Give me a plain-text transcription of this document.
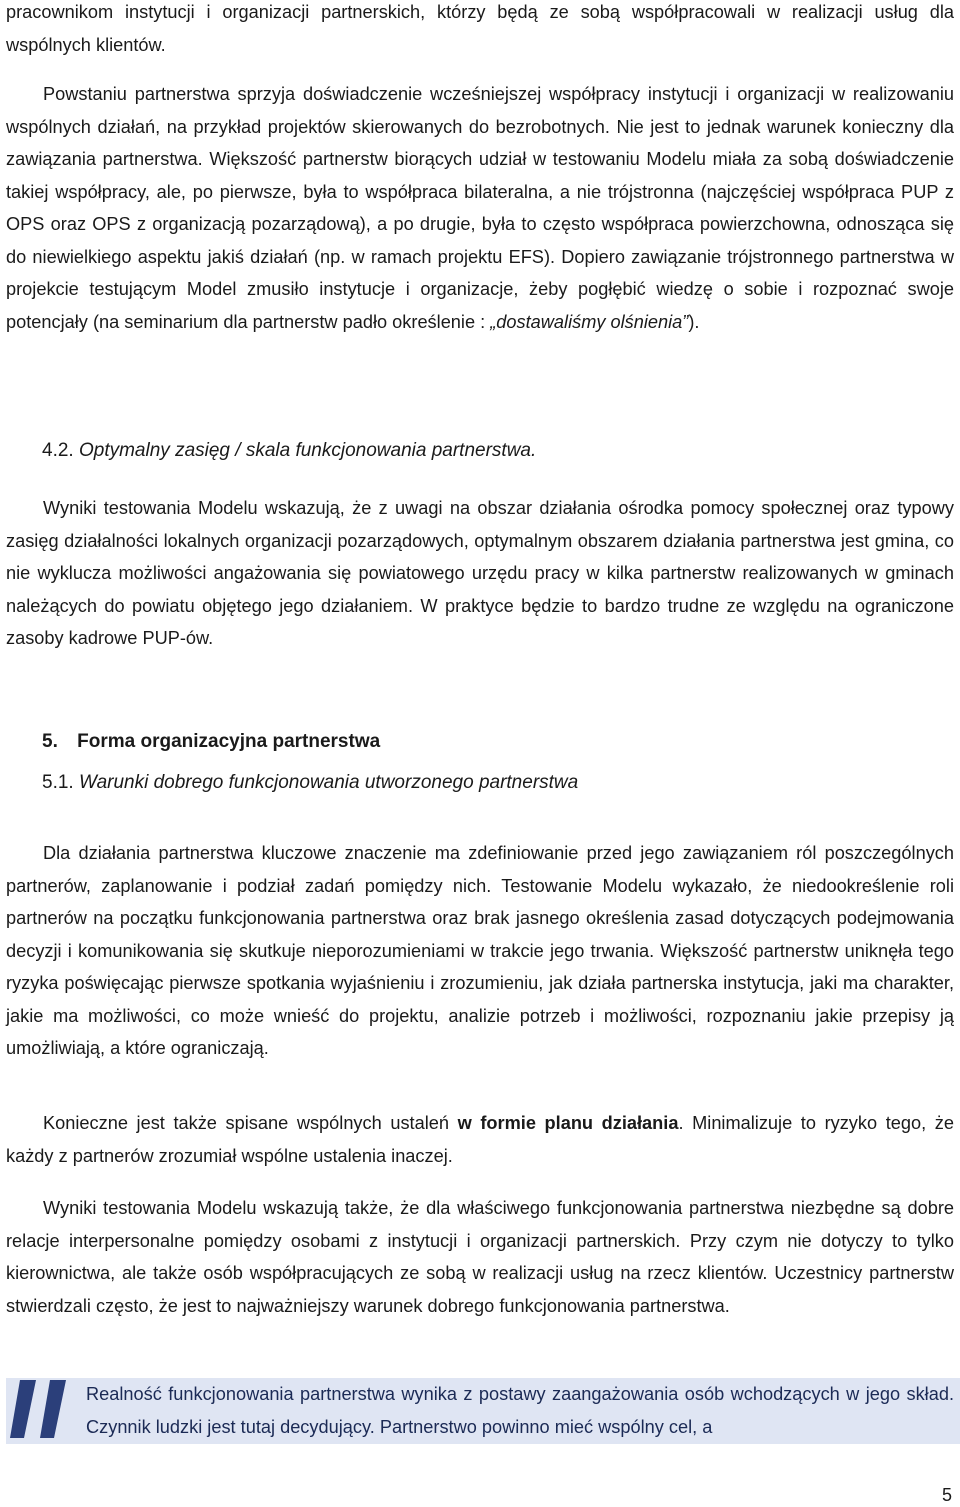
pracownikom instytucji i organizacji partnerskich, którzy będą ze sobą współpracowali w realizacji usług dla wspólnych klientów.

Powstaniu partnerstwa sprzyja doświadczenie wcześniejszej współpracy instytucji i organizacji w realizowaniu wspólnych działań, na przykład projektów skierowanych do bezrobotnych. Nie jest to jednak warunek konieczny dla zawiązania partnerstwa. Większość partnerstw biorących udział w testowaniu Modelu miała za sobą doświadczenie takiej współpracy, ale, po pierwsze, była to współpraca bilateralna, a nie trójstronna (najczęściej współpraca PUP z OPS oraz OPS z organizacją pozarządową), a po drugie, była to często współpraca powierzchowna, odnosząca się do niewielkiego aspektu jakiś działań (np. w ramach projektu EFS). Dopiero zawiązanie trójstronnego partnerstwa w projekcie testującym Model zmusiło instytucje i organizacje, żeby pogłębić wiedzę o sobie i rozpoznać swoje potencjały (na seminarium dla partnerstw padło określenie : „dostawaliśmy olśnienia”).

4.2. Optymalny zasięg / skala funkcjonowania partnerstwa.

Wyniki testowania Modelu wskazują, że z uwagi na obszar działania ośrodka pomocy społecznej oraz typowy zasięg działalności lokalnych organizacji pozarządowych, optymalnym obszarem działania partnerstwa jest gmina, co nie wyklucza możliwości angażowania się powiatowego urzędu pracy w kilka partnerstw realizowanych w gminach należących do powiatu objętego jego działaniem. W praktyce będzie to bardzo trudne ze względu na ograniczone zasoby kadrowe PUP-ów.

5. Forma organizacyjna partnerstwa
5.1. Warunki dobrego funkcjonowania utworzonego partnerstwa

Dla działania partnerstwa kluczowe znaczenie ma zdefiniowanie przed jego zawiązaniem ról poszczególnych partnerów, zaplanowanie i podział zadań pomiędzy nich. Testowanie Modelu wykazało, że niedookreślenie roli partnerów na początku funkcjonowania partnerstwa oraz brak jasnego określenia zasad dotyczących podejmowania decyzji i komunikowania się skutkuje nieporozumieniami w trakcie jego trwania. Większość partnerstw uniknęła tego ryzyka poświęcając pierwsze spotkania wyjaśnieniu i zrozumieniu, jak działa partnerska instytucja, jaki ma charakter, jakie ma możliwości, co może wnieść do projektu, analizie potrzeb i możliwości, rozpoznaniu jakie przepisy ją umożliwiają, a które ograniczają.

Konieczne jest także spisane wspólnych ustaleń w formie planu działania. Minimalizuje to ryzyko tego, że każdy z partnerów zrozumiał wspólne ustalenia inaczej.

Wyniki testowania Modelu wskazują także, że dla właściwego funkcjonowania partnerstwa niezbędne są dobre relacje interpersonalne pomiędzy osobami z instytucji i organizacji partnerskich. Przy czym nie dotyczy to tylko kierownictwa, ale także osób współpracujących ze sobą w realizacji usług na rzecz klientów. Uczestnicy partnerstw stwierdzali często, że jest to najważniejszy warunek dobrego funkcjonowania partnerstwa.

Realność funkcjonowania partnerstwa wynika z postawy zaangażowania osób wchodzących w jego skład. Czynnik ludzki jest tutaj decydujący. Partnerstwo powinno mieć wspólny cel, a

5
